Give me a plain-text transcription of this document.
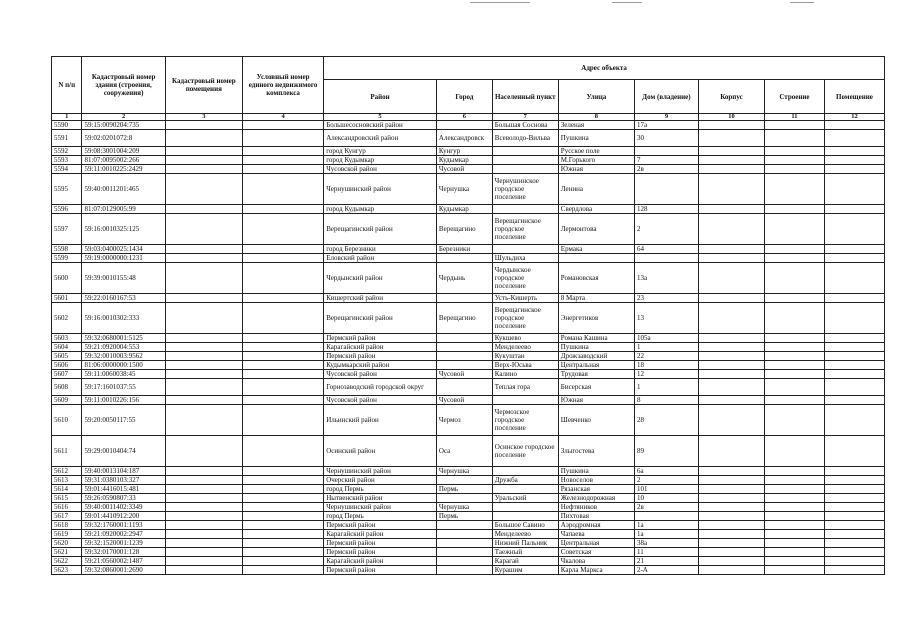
N п/п	Кадастровый номер здания (строения, сооружения)	Кадастровый номер помещения	Условный номер единого недвижимого комплекса	Адрес объекта							
				Район	Город	Населенный пункт	Улица	Дом (владение)	Корпус	Строение	Помещение
1	2	3	4	5	6	7	8	9	10	11	12
5590	59:15:0090204:735			Большесосновский район		Большая Соснова	Зеленая	17а			
5591	59:02:0201072:8			Александровский район	Александровск	Всеволодо-Вильва	Пушкина	30			
5592	59:08:3001004:209			город Кунгур	Кунгур		Русское поле				
5593	81:07:0095002:266			город Кудымкар	Кудымкар		М.Горького	7			
5594	59:11:0010225:2429			Чусовской район	Чусовой		Южная	2в			
5595	59:40:0011201:465			Чернушинский район	Чернушка	Чернушинское городское поселение	Ленина				
5596	81:07:0129005:99			город Кудымкар	Кудымкар		Свердлова	128			
5597	59:16:0010325:125			Верещагинский район	Верещагино	Верещагинское городское поселение	Лермонтова	2			
5598	59:03:0400025:1434			город Березники	Березники		Ермака	64			
5599	59:19:0000000:1231			Еловский район		Шульдиха					
5600	59:39:0010155:48			Чердынский район	Чердынь	Чердынское городское поселение	Романовская	13а			
5601	59:22:0160167:53			Кишертский район		Усть-Кишерть	8 Марта	23			
5602	59:16:0010302:333			Верещагинский район	Верещагино	Верещагинское городское поселение	Энергетиков	13			
5603	59:32:0680001:5125			Пермский район		Кукшево	Романа Кашина	105а			
5604	59:21:0920004:553			Карагайский район		Менделеево	Пушкина	1			
5605	59:32:0010003:9562			Пермский район		Кукуштан	Дрожзаводский	22			
5606	81:06:0000000:1500			Кудымкарский район		Верх-Юсьва	Центральная	18			
5607	59:11:0060038:45			Чусовской район	Чусовой	Калино	Трудовая	12			
5608	59:17:1601037:55			Горнозаводский городской округ		Теплая гора	Бисерская	1			
5609	59:11:0010226:156			Чусовской район	Чусовой		Южная	8			
5610	59:20:0050117:55			Ильинский район	Чермоз	Чермозское городское поселение	Шевченко	28			
5611	59:29:0010404:74			Осинский район	Оса	Осинское городское поселение	Злыгостева	89			
5612	59:40:0013104:187			Чернушинский район	Чернушка		Пушкина	6а			
5613	59:31:0380103:327			Очерский район		Дружба	Новоселов	2			
5614	59:01:4416015:481			город Пермь	Пермь		Рязанская	101			
5615	59:26:0590807:33			Нытвенский район		Уральский	Железнодорожная	10			
5616	59:40:0011402:3349			Чернушинский район	Чернушка		Нефтяников	2в			
5617	59:01:4410912:200			город Пермь	Пермь		Пихтовая				
5618	59:32:1760001:1193			Пермский район		Большое Савино	Аэродромная	1а			
5619	59:21:0920002:2947			Карагайский район		Менделеево	Чапаева	1а			
5620	59:32:1520001:1239			Пермский район		Нижний Пальник	Центральная	38а			
5621	59:32:0170001:128			Пермский район		Таежный	Советская	11			
5622	59:21:0560002:1487			Карагайский район		Карагай	Чкалова	21			
5623	59:32:0860001:2690			Пермский район		Курашим	Карла Маркса	2-А			
